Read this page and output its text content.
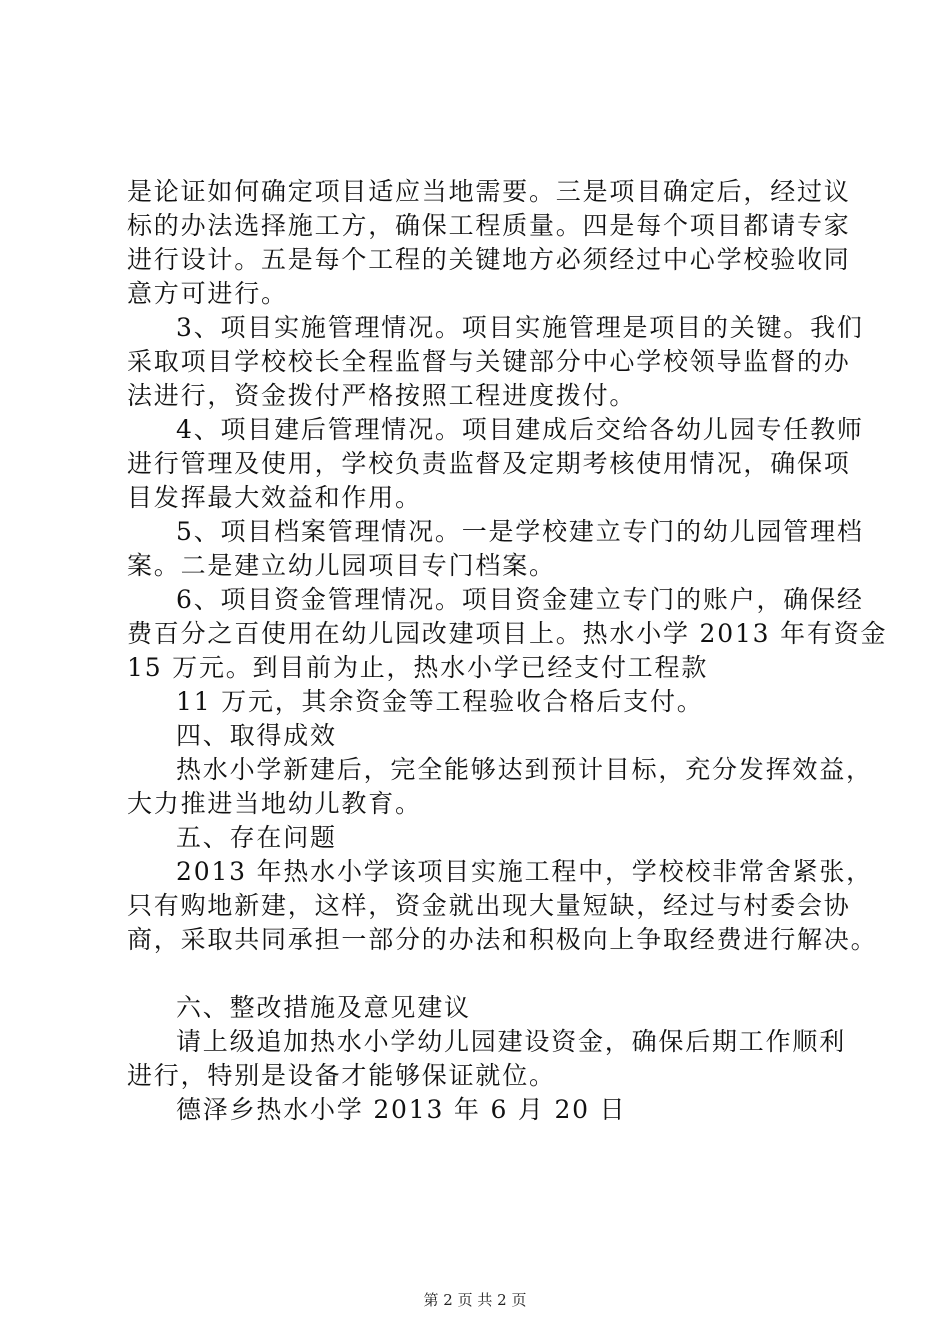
是论证如何确定项目适应当地需要。三是项目确定后，经过议
标的办法选择施工方，确保工程质量。四是每个项目都请专家
进行设计。五是每个工程的关键地方必须经过中心学校验收同
意方可进行。
3、项目实施管理情况。项目实施管理是项目的关键。我们
采取项目学校校长全程监督与关键部分中心学校领导监督的办
法进行，资金拨付严格按照工程进度拨付。
4、项目建后管理情况。项目建成后交给各幼儿园专任教师
进行管理及使用，学校负责监督及定期考核使用情况，确保项
目发挥最大效益和作用。
5、项目档案管理情况。一是学校建立专门的幼儿园管理档
案。二是建立幼儿园项目专门档案。
6、项目资金管理情况。项目资金建立专门的账户，确保经
费百分之百使用在幼儿园改建项目上。热水小学 2013 年有资金
15 万元。到目前为止，热水小学已经支付工程款
11 万元，其余资金等工程验收合格后支付。
四、取得成效
热水小学新建后，完全能够达到预计目标，充分发挥效益，
大力推进当地幼儿教育。
五、存在问题
2013 年热水小学该项目实施工程中，学校校非常舍紧张，
只有购地新建，这样，资金就出现大量短缺，经过与村委会协
商，采取共同承担一部分的办法和积极向上争取经费进行解决。
六、整改措施及意见建议
请上级追加热水小学幼儿园建设资金，确保后期工作顺利
进行，特别是设备才能够保证就位。
德泽乡热水小学 2013 年 6 月 20 日
第 2 页 共 2 页
